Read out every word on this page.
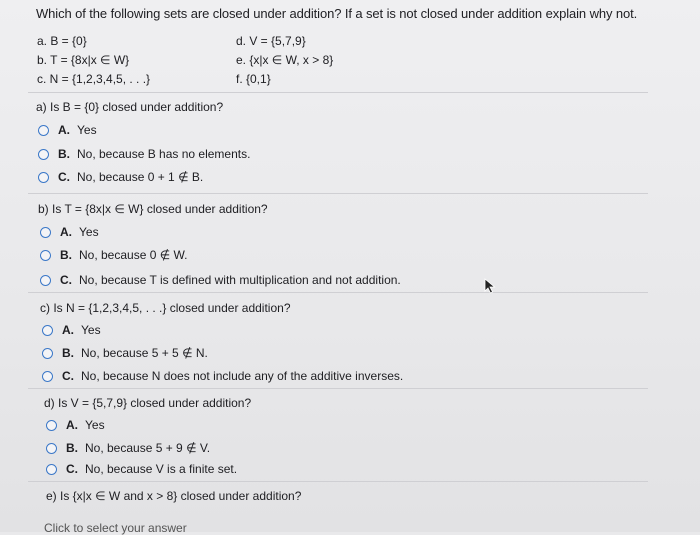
Which of the following sets are closed under addition? If a set is not closed under addition explain why not.
a. B = {0}
b. T = {8x|x ∈ W}
c. N = {1,2,3,4,5, . . .}
d. V = {5,7,9}
e. {x|x ∈ W, x > 8}
f. {0,1}
a) Is B = {0} closed under addition?
A. Yes
B. No, because B has no elements.
C. No, because 0 + 1 ∉ B.
b) Is T = {8x|x ∈ W} closed under addition?
A. Yes
B. No, because 0 ∉ W.
C. No, because T is defined with multiplication and not addition.
c) Is N = {1,2,3,4,5, . . .} closed under addition?
A. Yes
B. No, because 5 + 5 ∉ N.
C. No, because N does not include any of the additive inverses.
d) Is V = {5,7,9} closed under addition?
A. Yes
B. No, because 5 + 9 ∉ V.
C. No, because V is a finite set.
e) Is {x|x ∈ W and x > 8} closed under addition?
Click to select your answer
